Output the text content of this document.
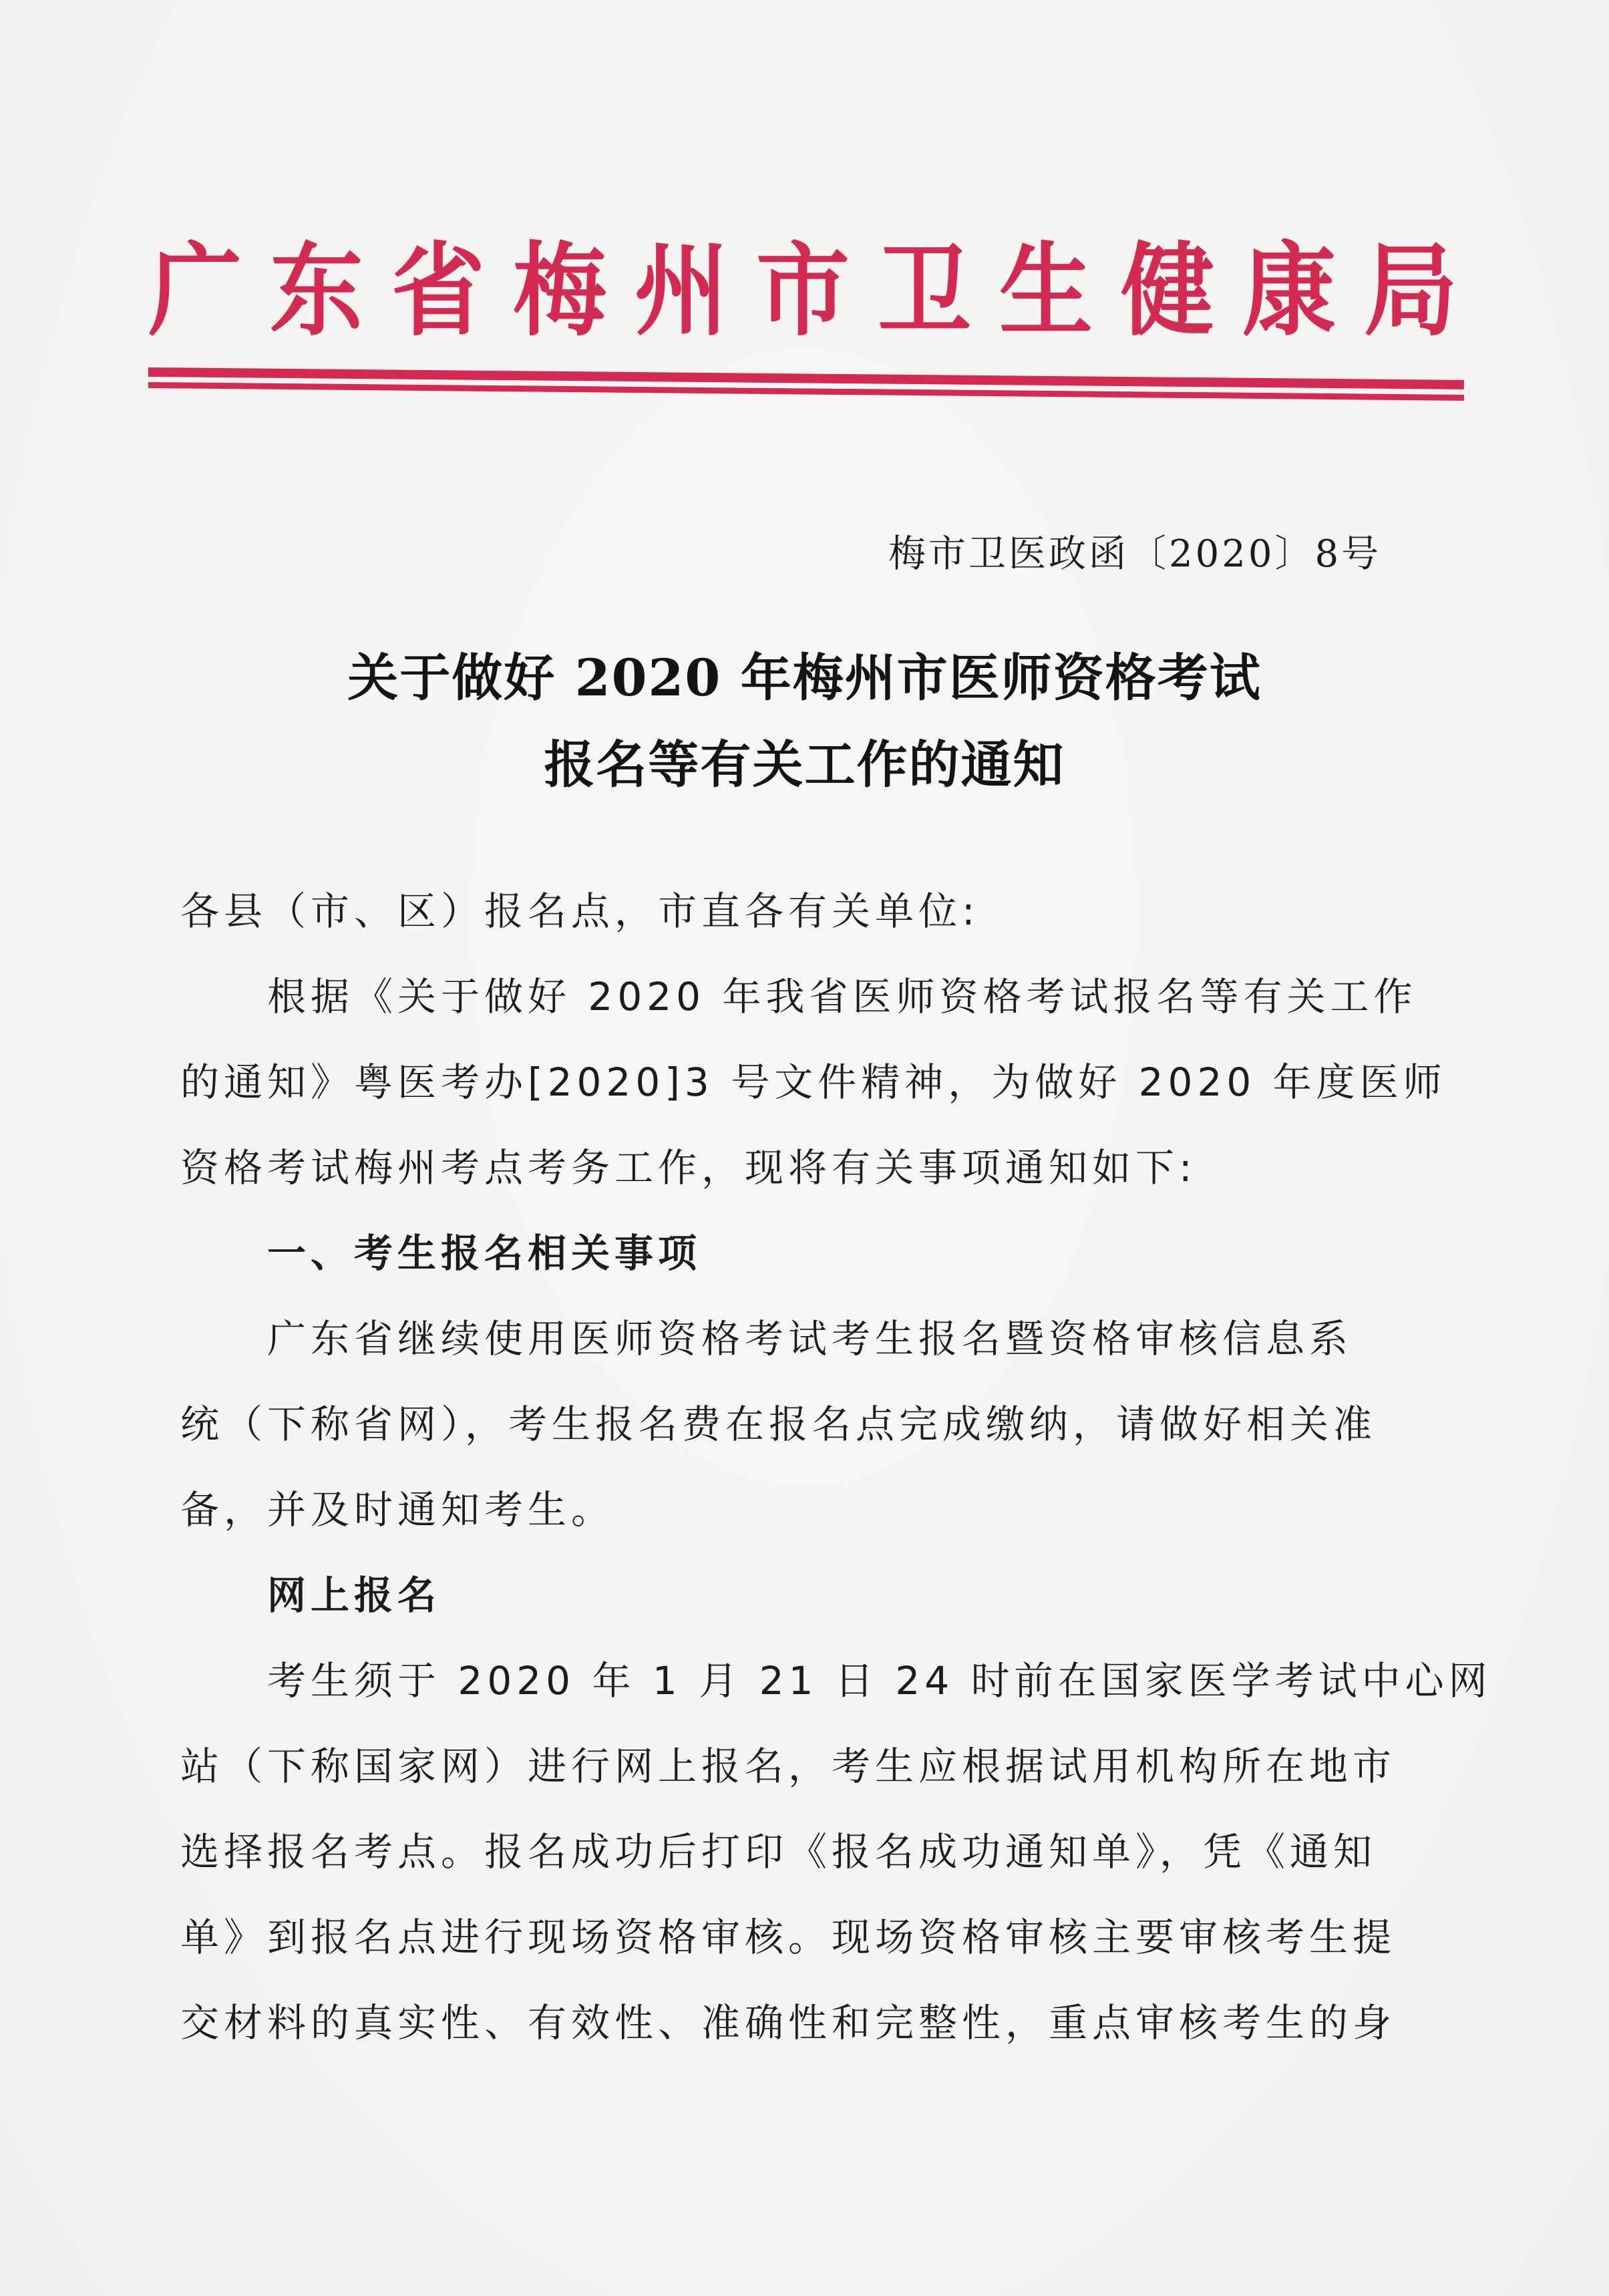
广 东 省 梅 州 市 卫 生 健 康 局
梅市卫医政函〔2020〕8号
关于做好 2020 年梅州市医师资格考试
报名等有关工作的通知
各县（市、区）报名点，市直各有关单位:
根据《关于做好 2020 年我省医师资格考试报名等有关工作
的通知》粤医考办[2020]3 号文件精神，为做好 2020 年度医师
资格考试梅州考点考务工作，现将有关事项通知如下:
一、考生报名相关事项
广东省继续使用医师资格考试考生报名暨资格审核信息系
统（下称省网），考生报名费在报名点完成缴纳，请做好相关准
备，并及时通知考生。
网上报名
考生须于 2020 年 1 月 21 日 24 时前在国家医学考试中心网
站（下称国家网）进行网上报名，考生应根据试用机构所在地市
选择报名考点。报名成功后打印《报名成功通知单》，凭《通知
单》到报名点进行现场资格审核。现场资格审核主要审核考生提
交材料的真实性、有效性、准确性和完整性，重点审核考生的身
